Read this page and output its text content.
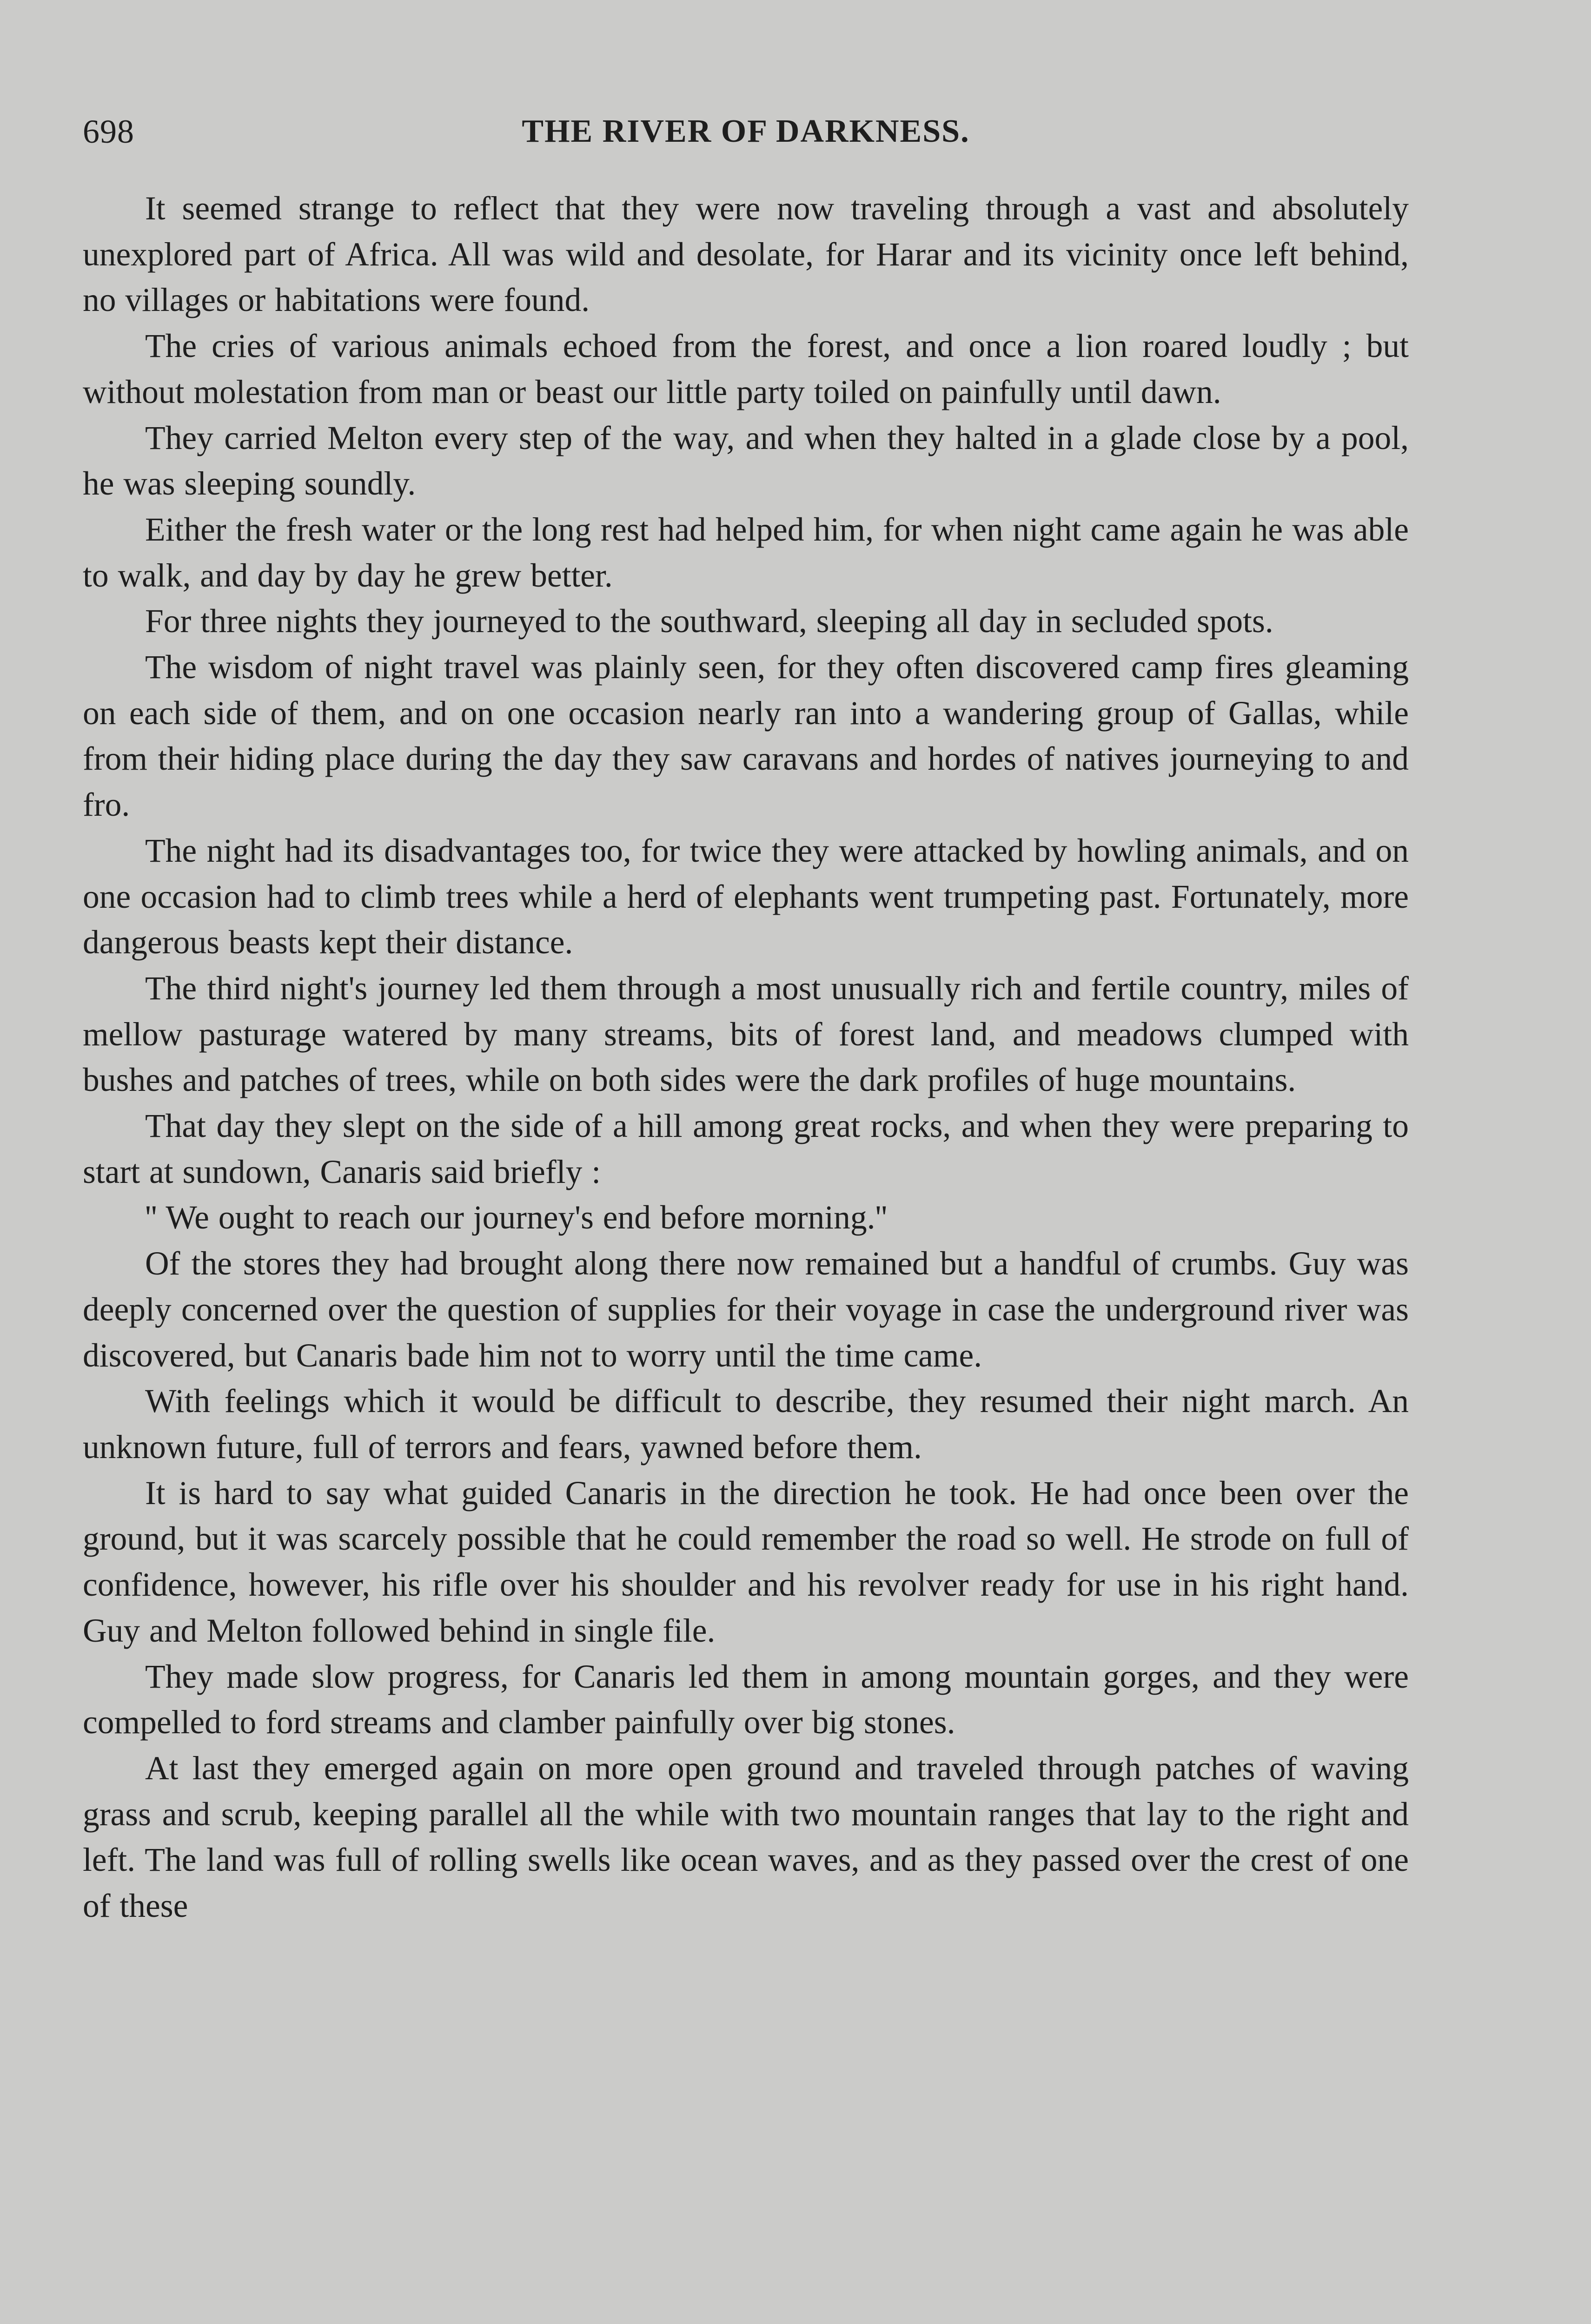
698	THE RIVER OF DARKNESS.

It seemed strange to reflect that they were now traveling through a vast and absolutely unexplored part of Africa. All was wild and desolate, for Harar and its vicinity once left behind, no villages or habitations were found.

The cries of various animals echoed from the forest, and once a lion roared loudly ; but without molestation from man or beast our little party toiled on painfully until dawn.

They carried Melton every step of the way, and when they halted in a glade close by a pool, he was sleeping soundly.

Either the fresh water or the long rest had helped him, for when night came again he was able to walk, and day by day he grew better.

For three nights they journeyed to the southward, sleeping all day in secluded spots.

The wisdom of night travel was plainly seen, for they often discovered camp fires gleaming on each side of them, and on one occasion nearly ran into a wandering group of Gallas, while from their hiding place during the day they saw caravans and hordes of natives journeying to and fro.

The night had its disadvantages too, for twice they were attacked by howling animals, and on one occasion had to climb trees while a herd of elephants went trumpeting past. Fortunately, more dangerous beasts kept their distance.

The third night's journey led them through a most unusually rich and fertile country, miles of mellow pasturage watered by many streams, bits of forest land, and meadows clumped with bushes and patches of trees, while on both sides were the dark profiles of huge mountains.

That day they slept on the side of a hill among great rocks, and when they were preparing to start at sundown, Canaris said briefly :

'' We ought to reach our journey's end before morning.''

Of the stores they had brought along there now remained but a handful of crumbs. Guy was deeply concerned over the question of supplies for their voyage in case the underground river was discovered, but Canaris bade him not to worry until the time came.

With feelings which it would be difficult to describe, they resumed their night march. An unknown future, full of terrors and fears, yawned before them.

It is hard to say what guided Canaris in the direction he took. He had once been over the ground, but it was scarcely possible that he could remember the road so well. He strode on full of confidence, however, his rifle over his shoulder and his revolver ready for use in his right hand. Guy and Melton followed behind in single file.

They made slow progress, for Canaris led them in among mountain gorges, and they were compelled to ford streams and clamber painfully over big stones.

At last they emerged again on more open ground and traveled through patches of waving grass and scrub, keeping parallel all the while with two mountain ranges that lay to the right and left. The land was full of rolling swells like ocean waves, and as they passed over the crest of one of these
